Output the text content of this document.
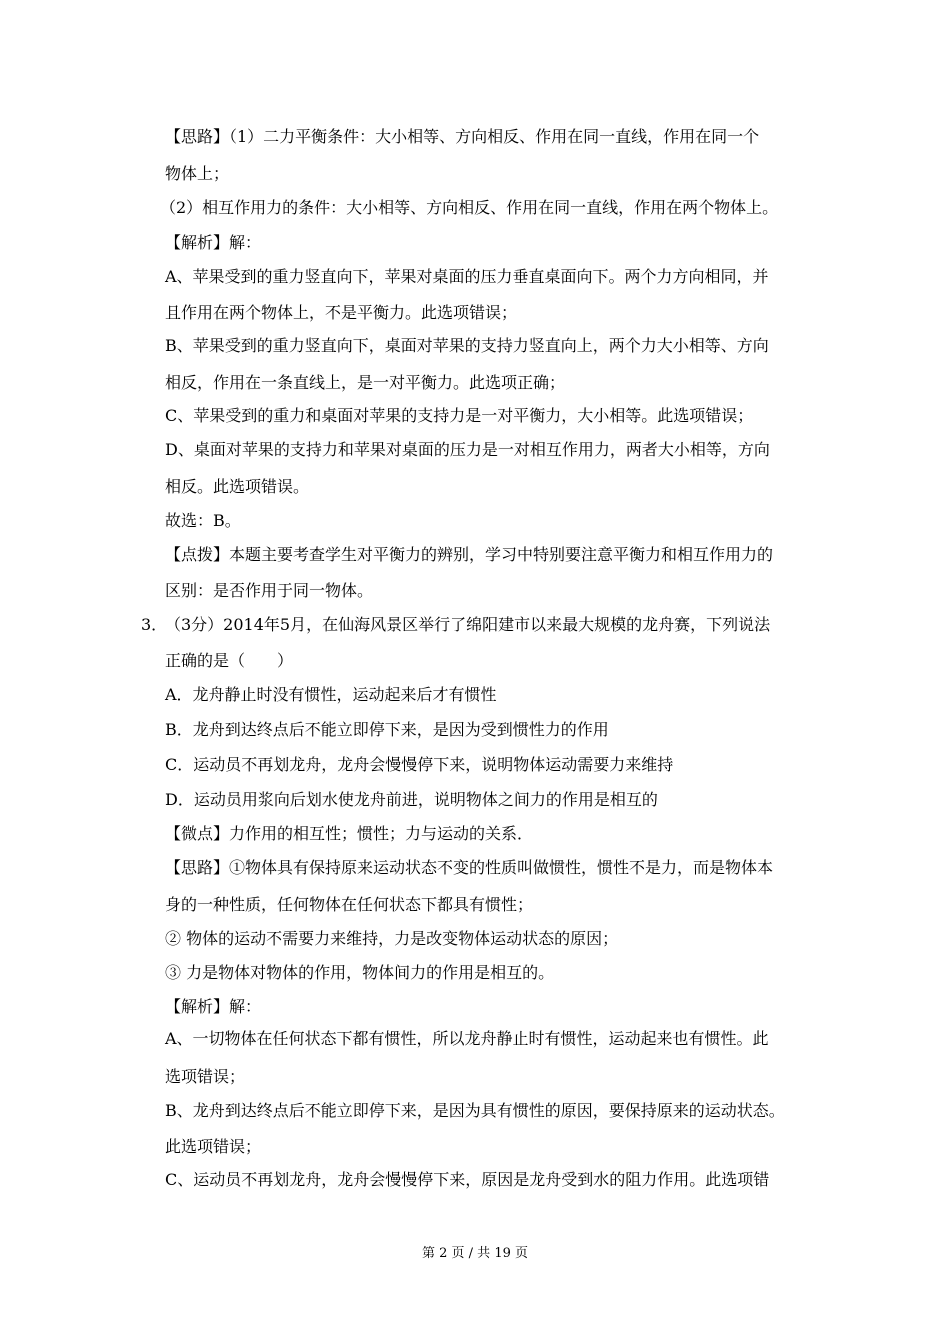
【思路】（1）二力平衡条件：大小相等、方向相反、作用在同一直线，作用在同一个
物体上；
（2）相互作用力的条件：大小相等、方向相反、作用在同一直线，作用在两个物体上。
【解析】解：
A、苹果受到的重力竖直向下，苹果对桌面的压力垂直桌面向下。两个力方向相同，并
且作用在两个物体上，不是平衡力。此选项错误；
B、苹果受到的重力竖直向下，桌面对苹果的支持力竖直向上，两个力大小相等、方向
相反，作用在一条直线上，是一对平衡力。此选项正确；
C、苹果受到的重力和桌面对苹果的支持力是一对平衡力，大小相等。此选项错误；
D、桌面对苹果的支持力和苹果对桌面的压力是一对相互作用力，两者大小相等，方向
相反。此选项错误。
故选：B。
【点拨】本题主要考查学生对平衡力的辨别，学习中特别要注意平衡力和相互作用力的
区别：是否作用于同一物体。
3．
（3分）2014年5月，在仙海风景区举行了绵阳建市以来最大规模的龙舟赛，下列说法
正确的是（　　）
A．龙舟静止时没有惯性，运动起来后才有惯性
B．龙舟到达终点后不能立即停下来，是因为受到惯性力的作用
C．运动员不再划龙舟，龙舟会慢慢停下来，说明物体运动需要力来维持
D．运动员用浆向后划水使龙舟前进，说明物体之间力的作用是相互的
【微点】力作用的相互性；惯性；力与运动的关系．
【思路】①物体具有保持原来运动状态不变的性质叫做惯性，惯性不是力，而是物体本
身的一种性质，任何物体在任何状态下都具有惯性；
② 物体的运动不需要力来维持，力是改变物体运动状态的原因；
③ 力是物体对物体的作用，物体间力的作用是相互的。
【解析】解：
A、一切物体在任何状态下都有惯性，所以龙舟静止时有惯性，运动起来也有惯性。此
选项错误；
B、龙舟到达终点后不能立即停下来，是因为具有惯性的原因，要保持原来的运动状态。
此选项错误；
C、运动员不再划龙舟，龙舟会慢慢停下来，原因是龙舟受到水的阻力作用。此选项错
第 2 页 / 共 19 页
